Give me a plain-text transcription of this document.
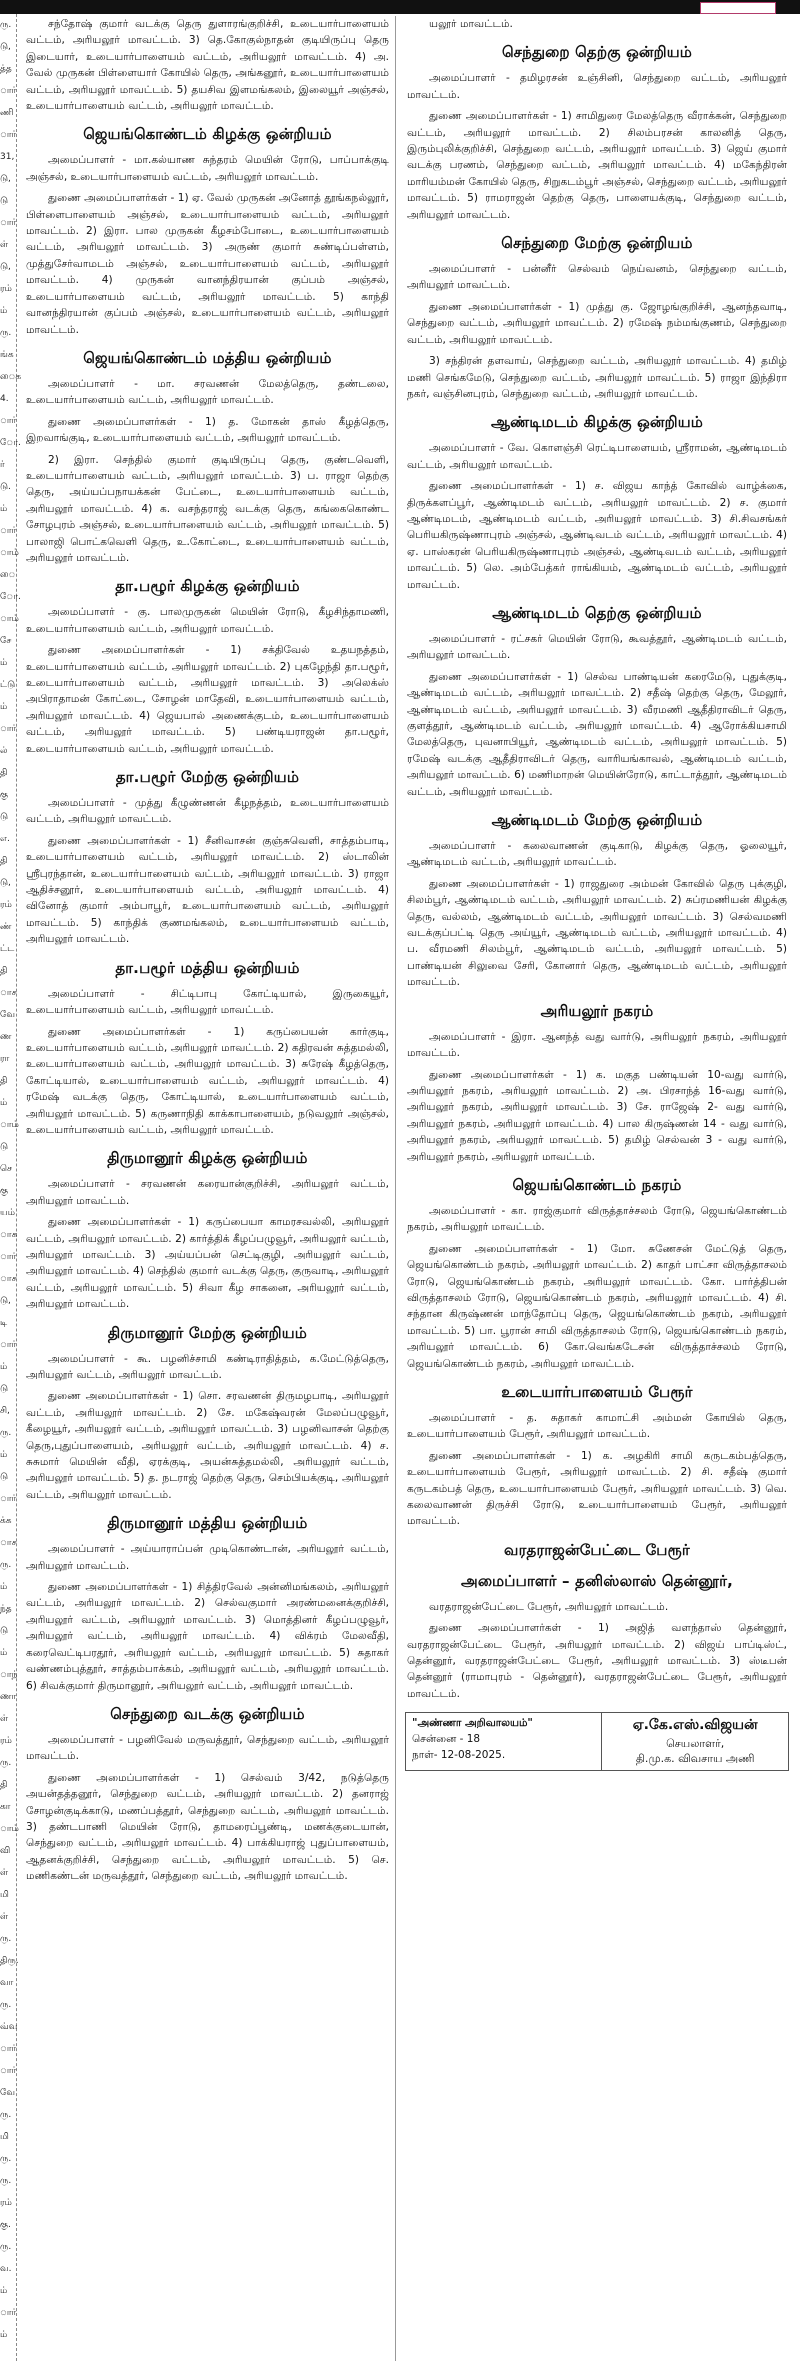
ரு.
டு,
த்த
ார்
ணி
ார்
31,
டு,
டு
ார்
ள்
டு,
ரம்
ம்
ரு.
ங்க
ைக
4.
ார்
ோ.
ர்
டு.
ம்
ார்
ாம்
ை
ோ.
ாம்
சே
ம்
ட்டு
ம்
ார்
ல்
தி
கு
டு
எ.
தி
டு,
ரம்
ண்
ட்ட
தி
ாச
வே
ண
ரா
தி
ம்
ாம்
டு
செ
கு
யம்
ாக
ார்
ாச
டு,
டி
ார்
ம்
டு
சி,
ரு.
ம்
டு
ார்
க்க
ாச
ரு.
ம்
ந்த
டு
ம்
ாந்
ணா
ள்
ரம்
ரு.
தி
கா
ாம்
வி
ள்
மி
ள்
ரு.
திரு.
வா
ரு.
வ்வ
ார்
ார்
வே
ரு.
மி
ரு.
ரு.
ரம்
கு.
ரு.
வ.
ம்
ார்
ம்

சந்தோஷ் குமார் வடக்கு தெரு துளாரங்குறிச்சி, உடையார்பாளையம் வட்டம், அரியலூர் மாவட்டம். 3) தெ.கோகுல்நாதன் குடியிருப்பு தெரு இடையார், உடையார்பாளையம் வட்டம், அரியலூர் மாவட்டம். 4) அ. வேல் முருகன் பிள்ளையார் கோயில் தெரு, அங்கனூர், உடையார்பாளையம் வட்டம், அரியலூர் மாவட்டம். 5) தயசிவ இளமங்கலம், இலையூர் அஞ்சல், உடையார்பாளையம் வட்டம், அரியலூர் மாவட்டம்.

ஜெயங்கொண்டம் கிழக்கு ஒன்றியம்

அமைப்பாளர் - மா.கல்யாண சுந்தரம் மெயின் ரோடு, பாப்பாக்குடி அஞ்சல், உடையார்பாளையம் வட்டம், அரியலூர் மாவட்டம்.

துணை அமைப்பாளர்கள் - 1) ஏ. வேல் முருகன் அனோத் தூங்கநல்லூர், பிள்ளைபாளையம் அஞ்சல், உடையார்பாளையம் வட்டம், அரியலூர் மாவட்டம். 2) இரா. பால முருகன் கீழசம்போடை, உடையார்பாளையம் வட்டம், அரியலூர் மாவட்டம். 3) அருண் குமார் சுண்டிப்பள்ளம், முத்துசேர்வாமடம் அஞ்சல், உடையார்பாளையம் வட்டம், அரியலூர் மாவட்டம். 4) முருகன் வானந்திரயான் குப்பம் அஞ்சல், உடையார்பாளையம் வட்டம், அரியலூர் மாவட்டம். 5) காந்தி வானந்திரயான் குப்பம் அஞ்சல், உடையார்பாளையம் வட்டம், அரியலூர் மாவட்டம்.

ஜெயங்கொண்டம் மத்திய ஒன்றியம்

அமைப்பாளர் - மா. சரவணன் மேலத்தெரு, தண்டலை, உடையார்பாளையம் வட்டம், அரியலூர் மாவட்டம்.

துணை அமைப்பாளர்கள் - 1) த. மோகன் தாஸ் கீழத்தெரு, இறவாங்குடி, உடையார்பாளையம் வட்டம், அரியலூர் மாவட்டம்.

2) இரா. செந்தில் குமார் குடியிருப்பு தெரு, குண்டவெளி, உடையார்பாளையம் வட்டம், அரியலூர் மாவட்டம். 3) ப. ராஜா தெற்கு தெரு, அய்யப்பநாயக்கன் பேட்டை, உடையார்பாளையம் வட்டம், அரியலூர் மாவட்டம். 4) க. வசந்தராஜ் வடக்கு தெரு, கங்கைகொண்ட சோழபுரம் அஞ்சல், உடையார்பாளையம் வட்டம், அரியலூர் மாவட்டம். 5) பாலாஜி பொட்கவெளி தெரு, உ.கோட்டை, உடையார்பாளையம் வட்டம், அரியலூர் மாவட்டம்.

தா.பழூர் கிழக்கு ஒன்றியம்

அமைப்பாளர் - கு. பாலமுருகன் மெயின் ரோடு, கீழசிந்தாமணி, உடையார்பாளையம் வட்டம், அரியலூர் மாவட்டம்.

துணை அமைப்பாளர்கள் - 1) சக்திவேல் உதயநத்தம், உடையார்பாளையம் வட்டம், அரியலூர் மாவட்டம். 2) புகழேந்தி தா.பழூர், உடையார்பாளையம் வட்டம், அரியலூர் மாவட்டம். 3) அலெக்ஸ் அபிராதாமன் கோட்டை, சோழன் மாதேவி, உடையார்பாளையம் வட்டம், அரியலூர் மாவட்டம். 4) ஜெயபால் அணைக்குடம், உடையார்பாளையம் வட்டம், அரியலூர் மாவட்டம். 5) பண்டியராஜன் தா.பழூர், உடையார்பாளையம் வட்டம், அரியலூர் மாவட்டம்.

தா.பழூர் மேற்கு ஒன்றியம்

அமைப்பாளர் - முத்து கீழுண்ணன் கீழநத்தம், உடையார்பாளையம் வட்டம், அரியலூர் மாவட்டம்.

துணை அமைப்பாளர்கள் - 1) சீனிவாசன் குஞ்சுவெளி, சாத்தம்பாடி, உடையார்பாளையம் வட்டம், அரியலூர் மாவட்டம். 2) ஸ்டாலின் ஸ்ரீபுரந்தான், உடையார்பாளையம் வட்டம், அரியலூர் மாவட்டம். 3) ராஜா ஆதிச்சனூர், உடையார்பாளையம் வட்டம், அரியலூர் மாவட்டம். 4) வினோத் குமார் அம்பாபூர், உடையார்பாளையம் வட்டம், அரியலூர் மாவட்டம். 5) காந்திக் குணமங்கலம், உடையார்பாளையம் வட்டம், அரியலூர் மாவட்டம்.

தா.பழூர் மத்திய ஒன்றியம்

அமைப்பாளர் - சிட்டிபாபு கோட்டியால், இருகையூர், உடையார்பாளையம் வட்டம், அரியலூர் மாவட்டம்.

துணை அமைப்பாளர்கள் - 1) கருப்பையன் கார்குடி, உடையார்பாளையம் வட்டம், அரியலூர் மாவட்டம். 2) கதிரவன் சுத்தமல்லி, உடையார்பாளையம் வட்டம், அரியலூர் மாவட்டம். 3) சுரேஷ் கீழத்தெரு, கோட்டியால், உடையார்பாளையம் வட்டம், அரியலூர் மாவட்டம். 4) ரமேஷ் வடக்கு தெரு, கோட்டியால், உடையார்பாளையம் வட்டம், அரியலூர் மாவட்டம். 5) கருணாநிதி காக்காபாளையம், நடுவலூர் அஞ்சல், உடையார்பாளையம் வட்டம், அரியலூர் மாவட்டம்.

திருமானூர் கிழக்கு ஒன்றியம்

அமைப்பாளர் - சரவணன் கரையான்குறிச்சி, அரியலூர் வட்டம், அரியலூர் மாவட்டம்.

துணை அமைப்பாளர்கள் - 1) கருப்பையா காமரசவல்லி, அரியலூர் வட்டம், அரியலூர் மாவட்டம். 2) கார்த்திக் கீழப்பழுவூர், அரியலூர் வட்டம், அரியலூர் மாவட்டம். 3) அய்யப்பன் செட்டிகுழி, அரியலூர் வட்டம், அரியலூர் மாவட்டம். 4) செந்தில் குமார் வடக்கு தெரு, குருவாடி, அரியலூர் வட்டம், அரியலூர் மாவட்டம். 5) சிவா கீழ சாகனை, அரியலூர் வட்டம், அரியலூர் மாவட்டம்.

திருமானூர் மேற்கு ஒன்றியம்

அமைப்பாளர் - கூ. பழனிச்சாமி கண்டிராதித்தம், க.மேட்டுத்தெரு, அரியலூர் வட்டம், அரியலூர் மாவட்டம்.

துணை அமைப்பாளர்கள் - 1) சொ. சரவணன் திருமழபாடி, அரியலூர் வட்டம், அரியலூர் மாவட்டம். 2) சே. மகேஷ்வரன் மேலப்பழுவூர், கீழையூர், அரியலூர் வட்டம், அரியலூர் மாவட்டம். 3) பழனிவாசன் தெற்கு தெரு,புதுப்பாளையம், அரியலூர் வட்டம், அரியலூர் மாவட்டம். 4) ச. சுசுமார் மெயின் வீதி, ஏரக்குடி, அயன்சுத்தமல்லி, அரியலூர் வட்டம், அரியலூர் மாவட்டம். 5) த. நடராஜ் தெற்கு தெரு, செம்பியக்குடி, அரியலூர் வட்டம், அரியலூர் மாவட்டம்.

திருமானூர் மத்திய ஒன்றியம்

அமைப்பாளர் - அய்யாராப்பன் முடிகொண்டான், அரியலூர் வட்டம், அரியலூர் மாவட்டம்.

துணை அமைப்பாளர்கள் - 1) சித்திரவேல் அன்னிமங்கலம், அரியலூர் வட்டம், அரியலூர் மாவட்டம். 2) செல்வகுமார் அரண்மனைக்குறிச்சி, அரியலூர் வட்டம், அரியலூர் மாவட்டம். 3) மொத்தினர் கீழப்பழுவூர், அரியலூர் வட்டம், அரியலூர் மாவட்டம். 4) விக்ரம் மேலவீதி, கரைவெட்டிபரதூர், அரியலூர் வட்டம், அரியலூர் மாவட்டம். 5) சுதாகர் வண்ணம்புத்தூர், சாத்தம்பாக்கம், அரியலூர் வட்டம், அரியலூர் மாவட்டம். 6) சிவக்குமார் திருமானூர், அரியலூர் வட்டம், அரியலூர் மாவட்டம்.

செந்துறை வடக்கு ஒன்றியம்

அமைப்பாளர் - பழனிவேல் மருவத்தூர், செந்துறை வட்டம், அரியலூர் மாவட்டம்.

துணை அமைப்பாளர்கள் - 1) செல்வம் 3/42, நடுத்தெரு அயன்தத்தனூர், செந்துறை வட்டம், அரியலூர் மாவட்டம். 2) தனராஜ் சோழன்குடிக்காடு, மணப்பத்தூர், செந்துறை வட்டம், அரியலூர் மாவட்டம். 3) தண்டபாணி மெயின் ரோடு, தாமரைப்பூண்டி, மணக்குடையான், செந்துறை வட்டம், அரியலூர் மாவட்டம். 4) பாக்கியராஜ் புதுப்பாளையம், ஆதனக்குறிச்சி, செந்துறை வட்டம், அரியலூர் மாவட்டம். 5) செ. மணிகண்டன் மருவத்தூர், செந்துறை வட்டம், அரியலூர் மாவட்டம்.

யலூர் மாவட்டம்.

செந்துறை தெற்கு ஒன்றியம்

அமைப்பாளர் - தமிழரசன் உஞ்சினி, செந்துறை வட்டம், அரியலூர் மாவட்டம்.

துணை அமைப்பாளர்கள் - 1) சாமிதுரை மேலத்தெரு வீராக்கன், செந்துறை வட்டம், அரியலூர் மாவட்டம். 2) சிலம்பரசன் காலனித் தெரு, இரும்புலிக்குறிச்சி, செந்துறை வட்டம், அரியலூர் மாவட்டம். 3) ஜெய் குமார் வடக்கு பரணம், செந்துறை வட்டம், அரியலூர் மாவட்டம். 4) மகேந்திரன் மாரியம்மன் கோயில் தெரு, சிறுகடம்பூர் அஞ்சல், செந்துறை வட்டம், அரியலூர் மாவட்டம். 5) ராமராஜன் தெற்கு தெரு, பாளையக்குடி, செந்துறை வட்டம், அரியலூர் மாவட்டம்.

செந்துறை மேற்கு ஒன்றியம்

அமைப்பாளர் - பன்னீர் செல்வம் நெய்வனம், செந்துறை வட்டம், அரியலூர் மாவட்டம்.

துணை அமைப்பாளர்கள் - 1) முத்து கு. ஜோழங்குறிச்சி, ஆனந்தவாடி, செந்துறை வட்டம், அரியலூர் மாவட்டம். 2) ரமேஷ் நம்மங்குணம், செந்துறை வட்டம், அரியலூர் மாவட்டம்.

3) சந்திரன் தளவாய், செந்துறை வட்டம், அரியலூர் மாவட்டம். 4) தமிழ் மணி செங்கமேடு, செந்துறை வட்டம், அரியலூர் மாவட்டம். 5) ராஜா இந்திரா நகர், வஞ்சினபுரம், செந்துறை வட்டம், அரியலூர் மாவட்டம்.

ஆண்டிமடம் கிழக்கு ஒன்றியம்

அமைப்பாளர் - வே. கொளஞ்சி ரெட்டிபாளையம், ஸ்ரீராமன், ஆண்டிமடம் வட்டம், அரியலூர் மாவட்டம்.

துணை அமைப்பாளர்கள் - 1) ச. விஜய காந்த் கோவில் வாழ்க்கை, திருக்களப்பூர், ஆண்டிமடம் வட்டம், அரியலூர் மாவட்டம். 2) ச. குமார் ஆண்டிமடம், ஆண்டிமடம் வட்டம், அரியலூர் மாவட்டம். 3) சி.சிவசங்கர் பெரியகிருஷ்ணாபுரம் அஞ்சல், ஆண்டிவடம் வட்டம், அரியலூர் மாவட்டம். 4) ஏ. பாஸ்கரன் பெரியகிருஷ்ணாபுரம் அஞ்சல், ஆண்டிவடம் வட்டம், அரியலூர் மாவட்டம். 5) லெ. அம்பேத்கர் ராங்கியம், ஆண்டிமடம் வட்டம், அரியலூர் மாவட்டம்.

ஆண்டிமடம் தெற்கு ஒன்றியம்

அமைப்பாளர் - ரட்சகர் மெயின் ரோடு, கூவத்தூர், ஆண்டிமடம் வட்டம், அரியலூர் மாவட்டம்.

துணை அமைப்பாளர்கள் - 1) செல்வ பாண்டியன் கரைமேடு, புதுக்குடி, ஆண்டிமடம் வட்டம், அரியலூர் மாவட்டம். 2) சதீஷ் தெற்கு தெரு, மேலூர், ஆண்டிமடம் வட்டம், அரியலூர் மாவட்டம். 3) வீரமணி ஆதீதிராவிடர் தெரு, குளத்தூர், ஆண்டிமடம் வட்டம், அரியலூர் மாவட்டம். 4) ஆரோக்கியசாமி மேலத்தெரு, புவனாபியூர், ஆண்டிமடம் வட்டம், அரியலூர் மாவட்டம். 5) ரமேஷ் வடக்கு ஆதீதிராவிடர் தெரு, வாரியங்காவல், ஆண்டிமடம் வட்டம், அரியலூர் மாவட்டம். 6) மணிமாறன் மெயின்ரோடு, காட்டாத்தூர், ஆண்டிமடம் வட்டம், அரியலூர் மாவட்டம்.

ஆண்டிமடம் மேற்கு ஒன்றியம்

அமைப்பாளர் - கலைவாணன் குடிகாடு, கிழக்கு தெரு, ஓலையூர், ஆண்டிமடம் வட்டம், அரியலூர் மாவட்டம்.

துணை அமைப்பாளர்கள் - 1) ராஜதுரை அம்மன் கோவில் தெரு புக்குழி, சிலம்பூர், ஆண்டிமடம் வட்டம், அரியலூர் மாவட்டம். 2) சுப்ரமணியன் கிழக்கு தெரு, வல்லம், ஆண்டிமடம் வட்டம், அரியலூர் மாவட்டம். 3) செல்வமணி வடக்குப்பட்டி தெரு அய்யூர், ஆண்டிமடம் வட்டம், அரியலூர் மாவட்டம். 4) ப. வீரமணி சிலம்பூர், ஆண்டிமடம் வட்டம், அரியலூர் மாவட்டம். 5) பாண்டியன் சிலுவை சேரி, கோனார் தெரு, ஆண்டிமடம் வட்டம், அரியலூர் மாவட்டம்.

அரியலூர் நகரம்

அமைப்பாளர் - இரா. ஆனந்த் வது வார்டு, அரியலூர் நகரம், அரியலூர் மாவட்டம்.

துணை அமைப்பாளர்கள் - 1) க. மகுத பண்டியன் 10-வது வார்டு, அரியலூர் நகரம், அரியலூர் மாவட்டம். 2) அ. பிரசாந்த் 16-வது வார்டு, அரியலூர் நகரம், அரியலூர் மாவட்டம். 3) சே. ராஜேஷ் 2- வது வார்டு, அரியலூர் நகரம், அரியலூர் மாவட்டம். 4) பால கிருஷ்ணன் 14 - வது வார்டு, அரியலூர் நகரம், அரியலூர் மாவட்டம். 5) தமிழ் செல்வன் 3 - வது வார்டு, அரியலூர் நகரம், அரியலூர் மாவட்டம்.

ஜெயங்கொண்டம் நகரம்

அமைப்பாளர் - கா. ராஜ்குமார் விருத்தாச்சலம் ரோடு, ஜெயங்கொண்டம் நகரம், அரியலூர் மாவட்டம்.

துணை அமைப்பாளர்கள் - 1) மோ. சுணேசன் மேட்டுத் தெரு, ஜெயங்கொண்டம் நகரம், அரியலூர் மாவட்டம். 2) காதர் பாட்சா விருத்தாசலம் ரோடு, ஜெயங்கொண்டம் நகரம், அரியலூர் மாவட்டம். கோ. பார்த்திபன் விருத்தாசலம் ரோடு, ஜெயங்கொண்டம் நகரம், அரியலூர் மாவட்டம். 4) சி. சந்தான கிருஷ்ணன் மாந்தோப்பு தெரு, ஜெயங்கொண்டம் நகரம், அரியலூர் மாவட்டம். 5) பா. பூரான் சாமி விருத்தாசலம் ரோடு, ஜெயங்கொண்டம் நகரம், அரியலூர் மாவட்டம். 6) கோ.வெங்கடேசன் விருத்தாச்சலம் ரோடு, ஜெயங்கொண்டம் நகரம், அரியலூர் மாவட்டம்.

உடையார்பாளையம் பேரூர்

அமைப்பாளர் - த. சுதாகர் காமாட்சி அம்மன் கோயில் தெரு, உடையார்பாளையம் பேரூர், அரியலூர் மாவட்டம்.

துணை அமைப்பாளர்கள் - 1) க. அழகிரி சாமி கருடகம்பத்தெரு, உடையார்பாளையம் பேரூர், அரியலூர் மாவட்டம். 2) சி. சதீஷ் குமார் கருடகம்பத் தெரு, உடையார்பாளையம் பேரூர், அரியலூர் மாவட்டம். 3) வெ. கலைவாணன் திருச்சி ரோடு, உடையார்பாளையம் பேரூர், அரியலூர் மாவட்டம்.

வரதராஜன்பேட்டை பேரூர்
அமைப்பாளர் – தனிஸ்லாஸ் தென்னூர்,

வரதராஜன்பேட்டை பேரூர், அரியலூர் மாவட்டம்.

துணை அமைப்பாளர்கள் - 1) அஜித் வளந்தாஸ் தென்னூர், வரதராஜன்பேட்டை பேரூர், அரியலூர் மாவட்டம். 2) விஜய் பாப்டிஸ்ட், தென்னூர், வரதராஜன்பேட்டை பேரூர், அரியலூர் மாவட்டம். 3) ஸ்டீபன் தென்னூர் (ராமாபுரம் - தென்னூர்), வரதராஜன்பேட்டை பேரூர், அரியலூர் மாவட்டம்.

"அண்ணா அறிவாலயம்"
சென்னை - 18
நாள்- 12-08-2025.
ஏ.கே.எஸ்.விஜயன்
செயலாளர்,
தி.மு.க. விவசாய அணி
